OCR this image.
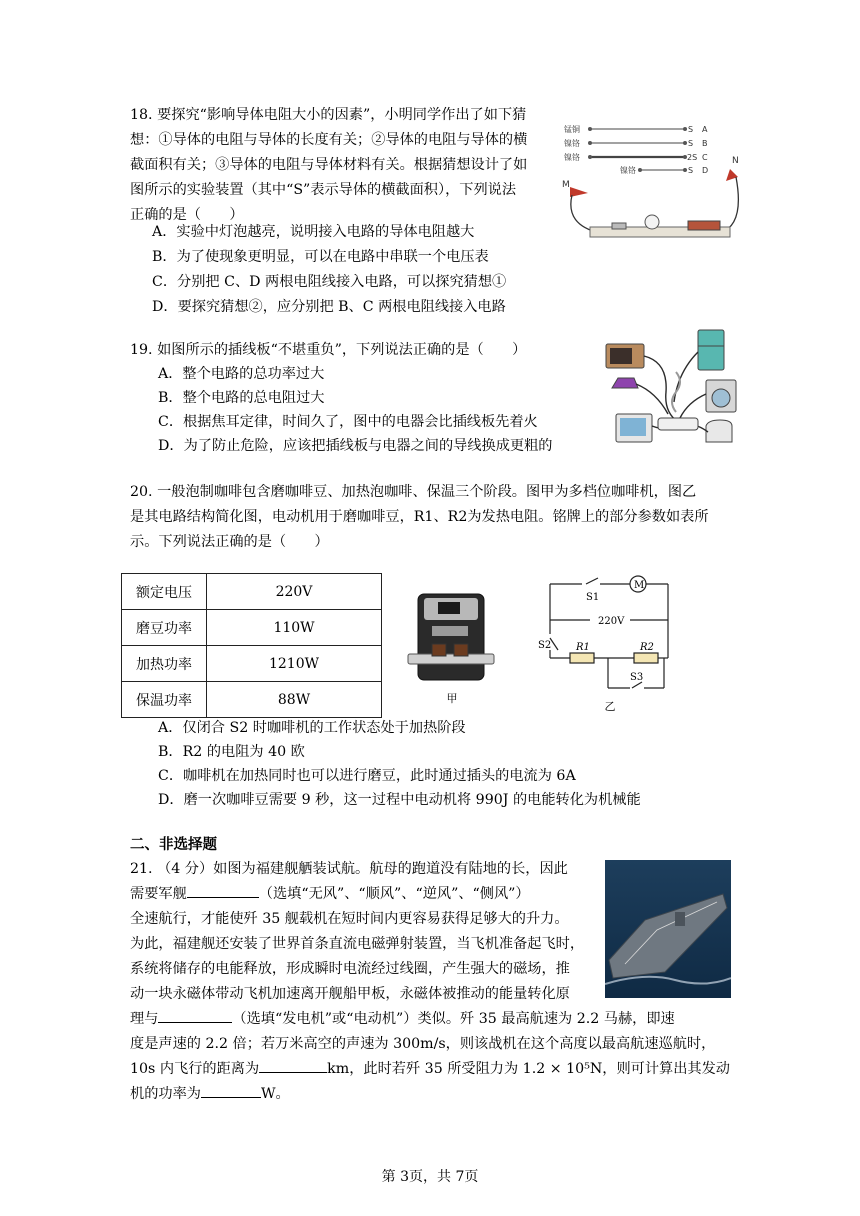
18. 要探究“影响导体电阻大小的因素”，小明同学作出了如下猜
想：①导体的电阻与导体的长度有关；②导体的电阻与导体的横
截面积有关；③导体的电阻与导体材料有关。根据猜想设计了如
图所示的实验装置（其中“S”表示导体的横截面积），下列说法
正确的是（　　）
A．实验中灯泡越亮，说明接入电路的导体电阻越大
B．为了使现象更明显，可以在电路中串联一个电压表
C．分别把 C、D 两根电阻线接入电路，可以探究猜想①
D．要探究猜想②，应分别把 B、C 两根电阻线接入电路
锰铜	S A
镍铬	S B
镍铬	2S C
镍铬	S D
M
N
19. 如图所示的插线板“不堪重负”，下列说法正确的是（　　）
A．整个电路的总功率过大
B．整个电路的总电阻过大
C．根据焦耳定律，时间久了，图中的电器会比插线板先着火
D．为了防止危险，应该把插线板与电器之间的导线换成更粗的
20. 一般泡制咖啡包含磨咖啡豆、加热泡咖啡、保温三个阶段。图甲为多档位咖啡机，图乙
是其电路结构简化图，电动机用于磨咖啡豆，R1、R2为发热电阻。铭牌上的部分参数如表所
示。下列说法正确的是（　　）
额定电压	220V
磨豆功率	110W
加热功率	1210W
保温功率	88W	甲
M
S1
220V
S2 R1	R2
S3
乙
A．仅闭合 S2 时咖啡机的工作状态处于加热阶段
B．R2 的电阻为 40 欧
C．咖啡机在加热同时也可以进行磨豆，此时通过插头的电流为 6A
D．磨一次咖啡豆需要 9 秒，这一过程中电动机将 990J 的电能转化为机械能
二、非选择题
21. （4 分）如图为福建舰舾装试航。航母的跑道没有陆地的长，因此
需要军舰	（选填“无风”、“顺风”、“逆风”、“侧风”）
全速航行，才能使歼 35 舰载机在短时间内更容易获得足够大的升力。
为此，福建舰还安装了世界首条直流电磁弹射装置，当飞机准备起飞时，
系统将储存的电能释放，形成瞬时电流经过线圈，产生强大的磁场，推
动一块永磁体带动飞机加速离开舰船甲板，永磁体被推动的能量转化原
理与	（选填“发电机”或“电动机”）类似。歼 35 最高航速为 2.2 马赫，即速
度是声速的 2.2 倍；若万米高空的声速为 300m/s，则该战机在这个高度以最高航速巡航时，
10s 内飞行的距离为	km，此时若歼 35 所受阻力为 1.2 × 10⁵N，则可计算出其发动
机的功率为	W。
第 3页，共 7页
